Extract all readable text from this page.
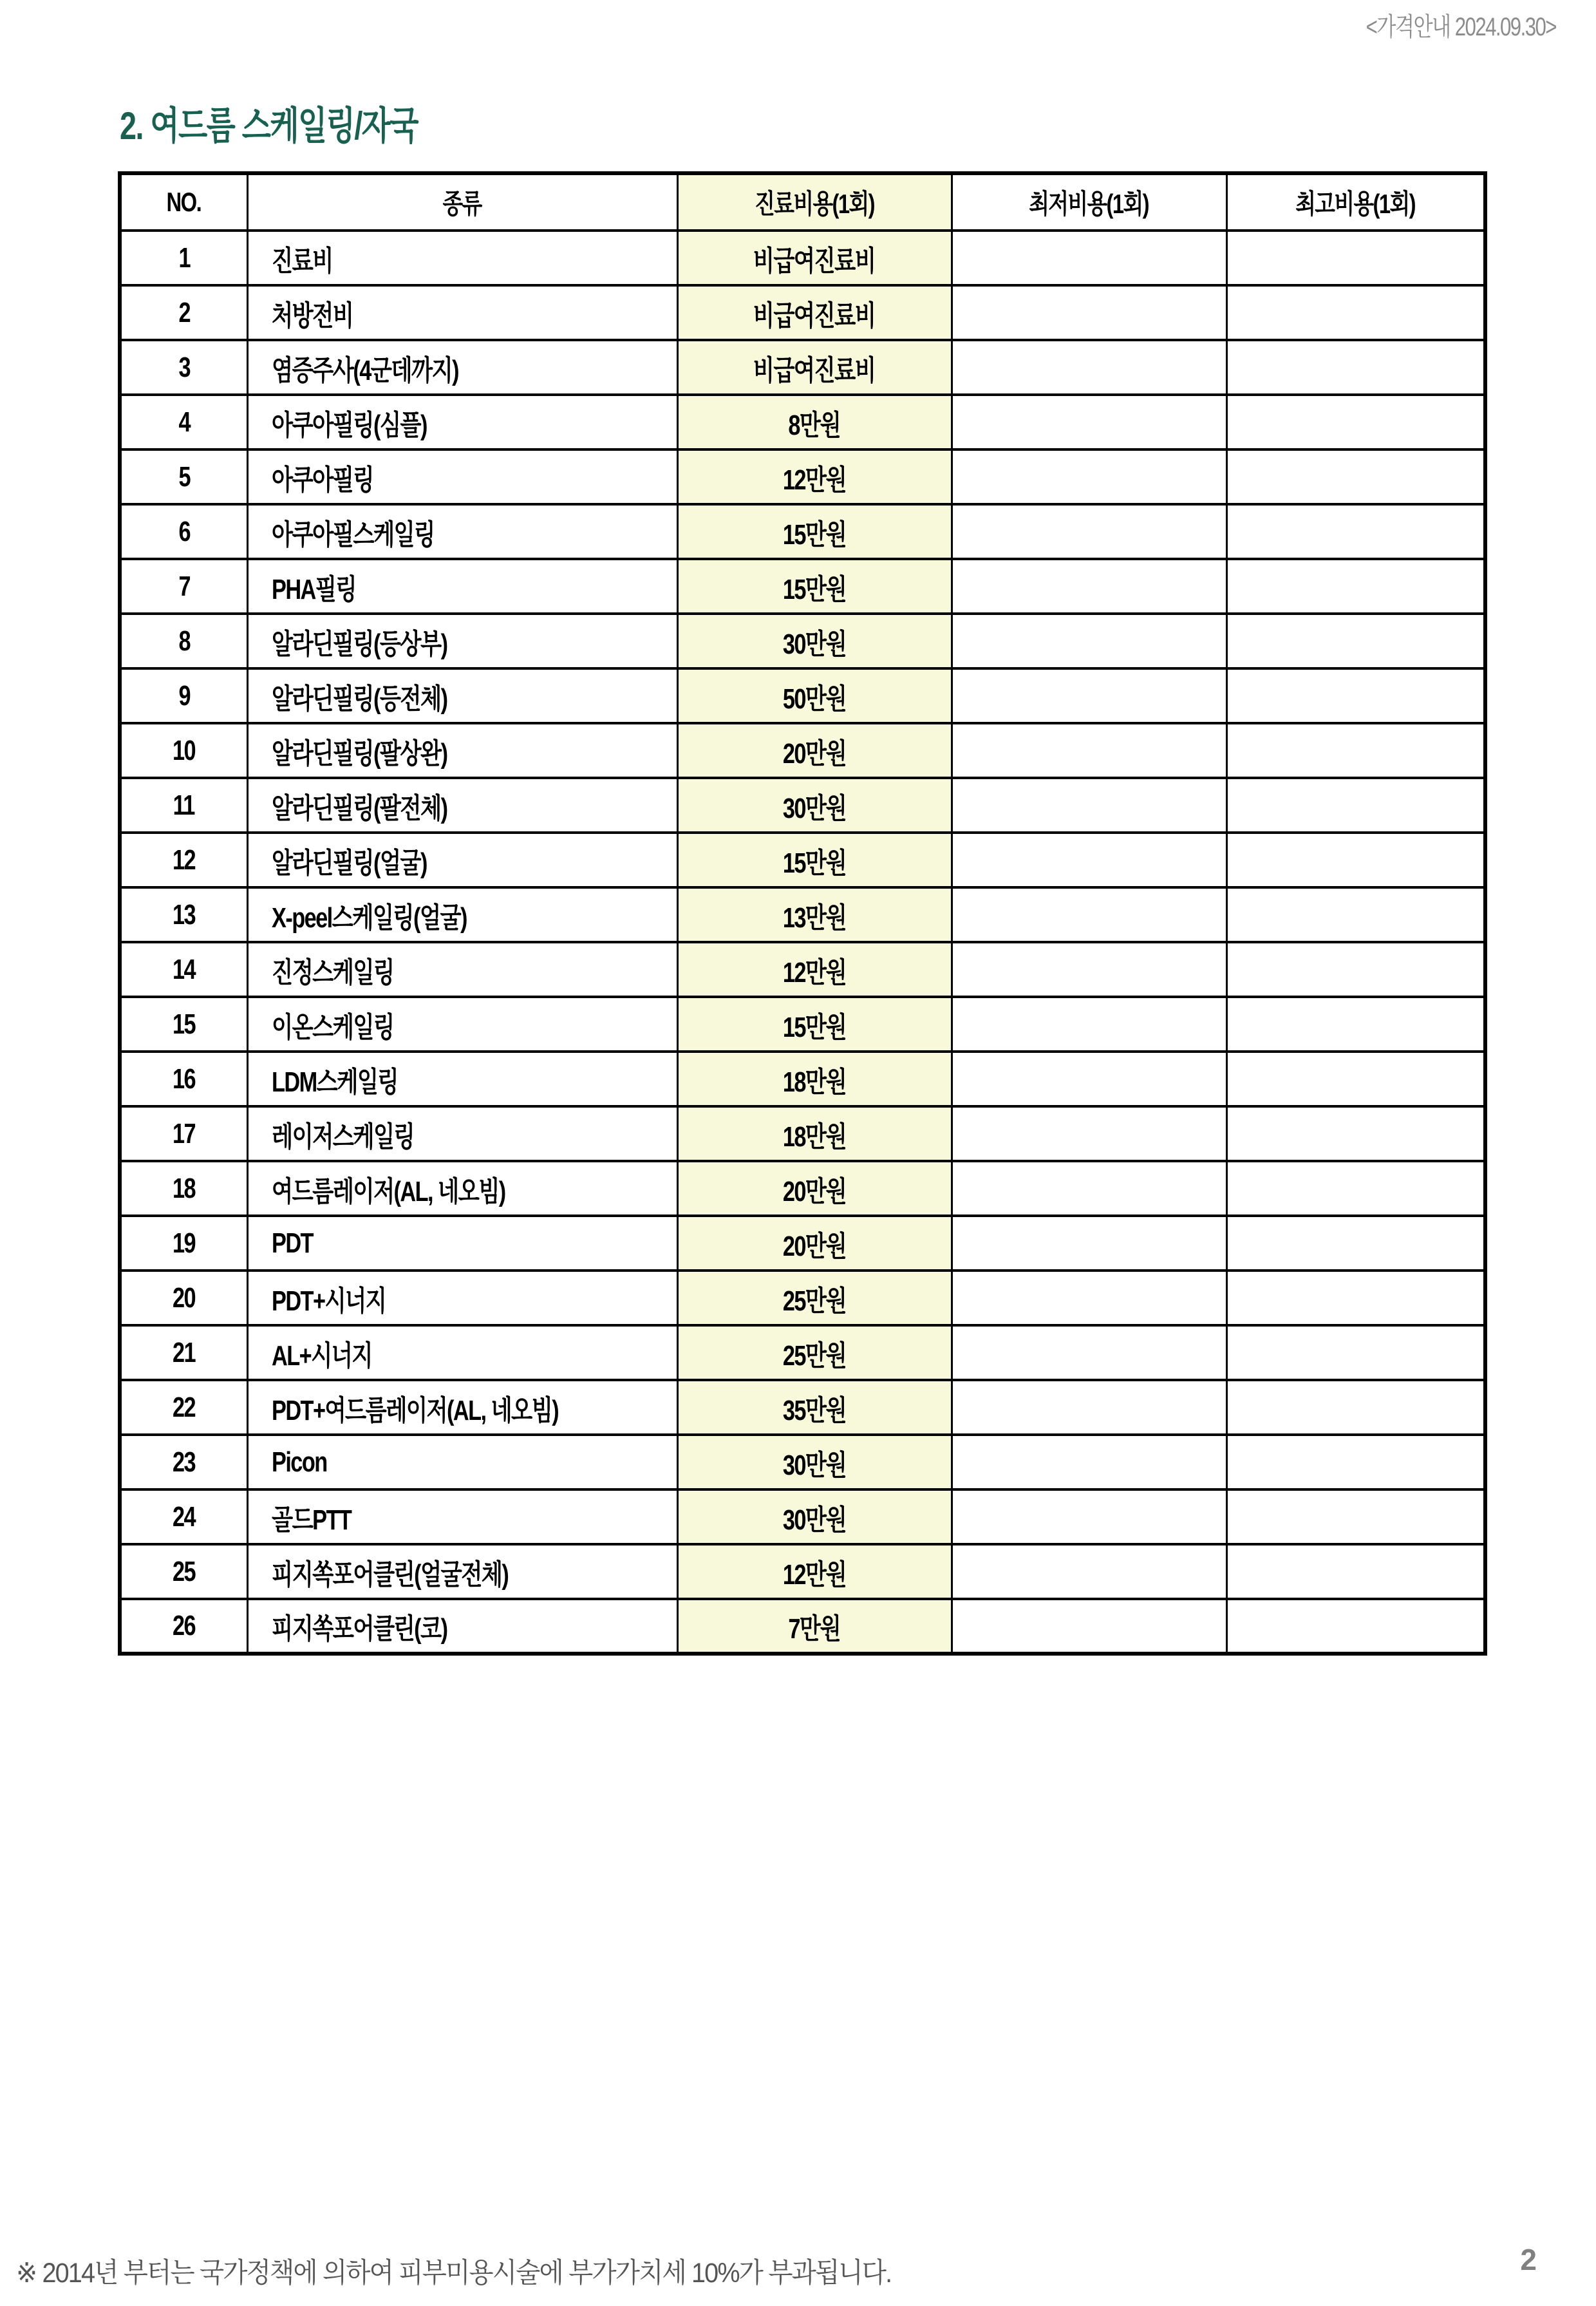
<가격안내 2024.09.30>
2. 여드름 스케일링/자국
NO.	종류	진료비용(1회)	최저비용(1회)	최고비용(1회)
1	진료비	비급여진료비		
2	처방전비	비급여진료비		
3	염증주사(4군데까지)	비급여진료비		
4	아쿠아필링(심플)	8만원		
5	아쿠아필링	12만원		
6	아쿠아필스케일링	15만원		
7	PHA필링	15만원		
8	알라딘필링(등상부)	30만원		
9	알라딘필링(등전체)	50만원		
10	알라딘필링(팔상완)	20만원		
11	알라딘필링(팔전체)	30만원		
12	알라딘필링(얼굴)	15만원		
13	X-peel스케일링(얼굴)	13만원		
14	진정스케일링	12만원		
15	이온스케일링	15만원		
16	LDM스케일링	18만원		
17	레이저스케일링	18만원		
18	여드름레이저(AL, 네오빔)	20만원		
19	PDT	20만원		
20	PDT+시너지	25만원		
21	AL+시너지	25만원		
22	PDT+여드름레이저(AL, 네오빔)	35만원		
23	Picon	30만원		
24	골드PTT	30만원		
25	피지쏙포어클린(얼굴전체)	12만원		
26	피지쏙포어클린(코)	7만원		
※ 2014년 부터는 국가정책에 의하여 피부미용시술에 부가가치세 10%가 부과됩니다.	2
